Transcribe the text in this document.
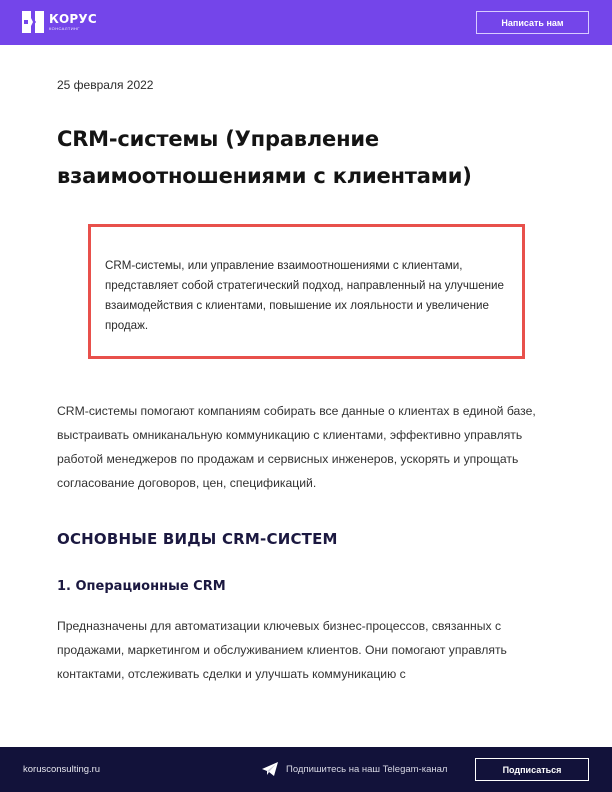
КОРУС
КОНСАЛТИНГ
Написать нам
25 февраля 2022
CRM-системы (Управление взаимоотношениями с клиентами)

CRM-системы, или управление взаимоотношениями с клиентами, представляет собой стратегический подход, направленный на улучшение взаимодействия с клиентами, повышение их лояльности и увеличение продаж.

CRM-системы помогают компаниям собирать все данные о клиентах в единой базе, выстраивать омниканальную коммуникацию с клиентами, эффективно управлять работой менеджеров по продажам и сервисных инженеров, ускорять и упрощать согласование договоров, цен, спецификаций.

ОСНОВНЫЕ ВИДЫ CRM-СИСТЕМ
1. Операционные CRM

Предназначены для автоматизации ключевых бизнес-процессов, связанных с продажами, маркетингом и обслуживанием клиентов. Они помогают управлять контактами, отслеживать сделки и улучшать коммуникацию с

korusconsulting.ru	Подпишитесь на наш Telegam-канал	Подписаться
